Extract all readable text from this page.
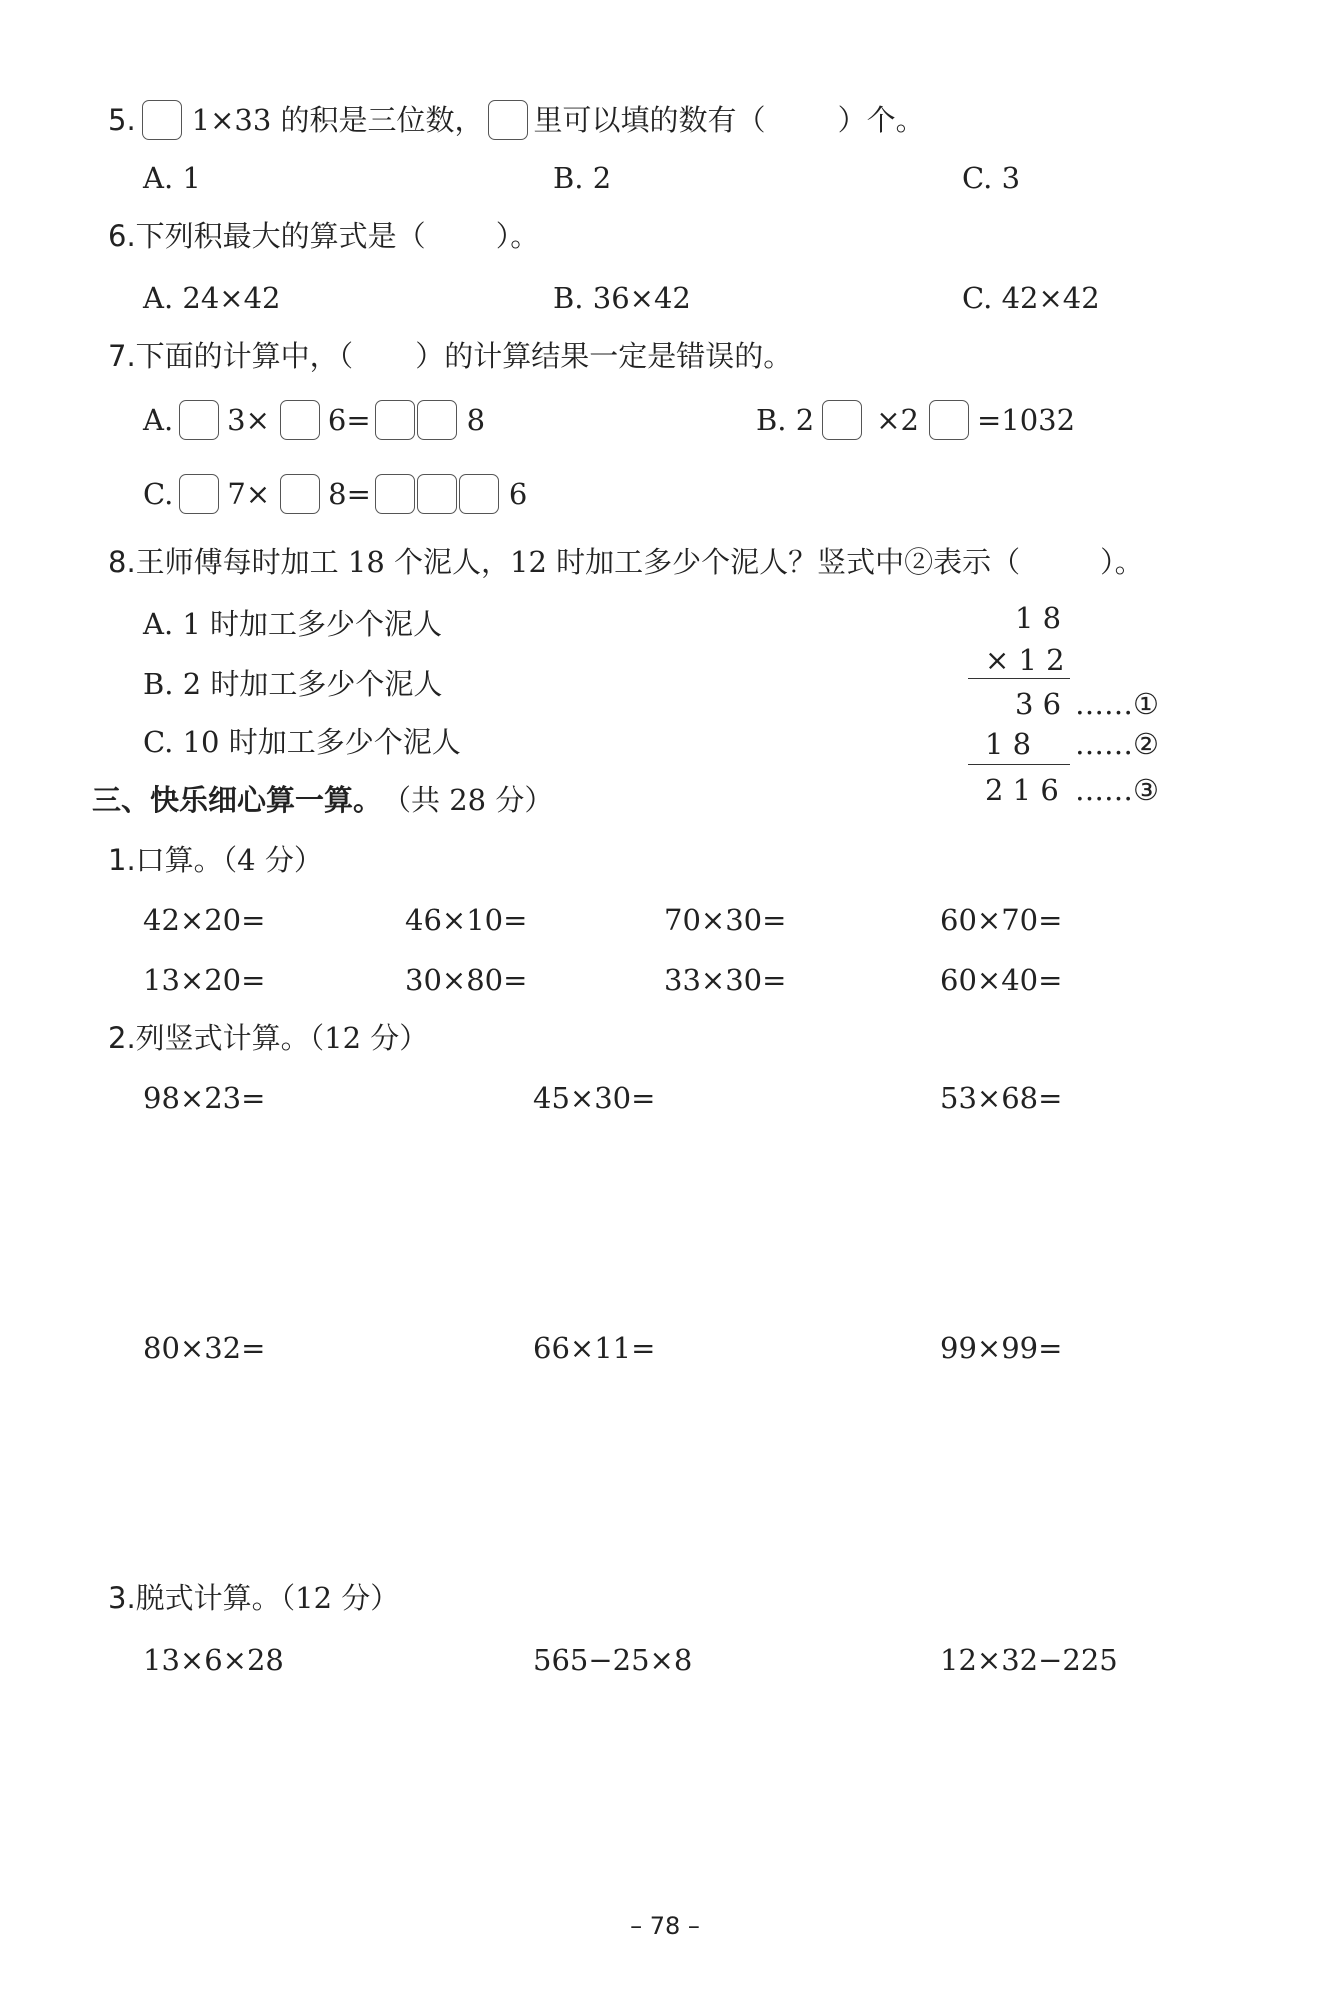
5. 1×33 的积是三位数， 里可以填的数有（ ）个。
A. 1	B. 2	C. 3
6. 下列积最大的算式是（ ）。
A. 24×42	B. 36×42	C. 42×42
7. 下面的计算中，（ ）的计算结果一定是错误的。
A. 3× 6=	8	B. 2 ×2 =1032
C. 7× 8=	6
8. 王师傅每时加工 18 个泥人，12 时加工多少个泥人？竖式中②表示（	）。
A. 1 时加工多少个泥人
B. 2 时加工多少个泥人
C. 10 时加工多少个泥人
1 8
× 1 2
3 6 ……①
1 8 ……②
2 1 6 ……③
三、快乐细心算一算。 （共 28 分）
1. 口算。（4 分）
42×20=	46×10=	70×30=	60×70=
13×20=	30×80=	33×30=	60×40=
2. 列竖式计算。（12 分）
98×23=	45×30=	53×68=
80×32=	66×11=	99×99=
3. 脱式计算。（12 分）
13×6×28	565−25×8	12×32−225
– 78 –
